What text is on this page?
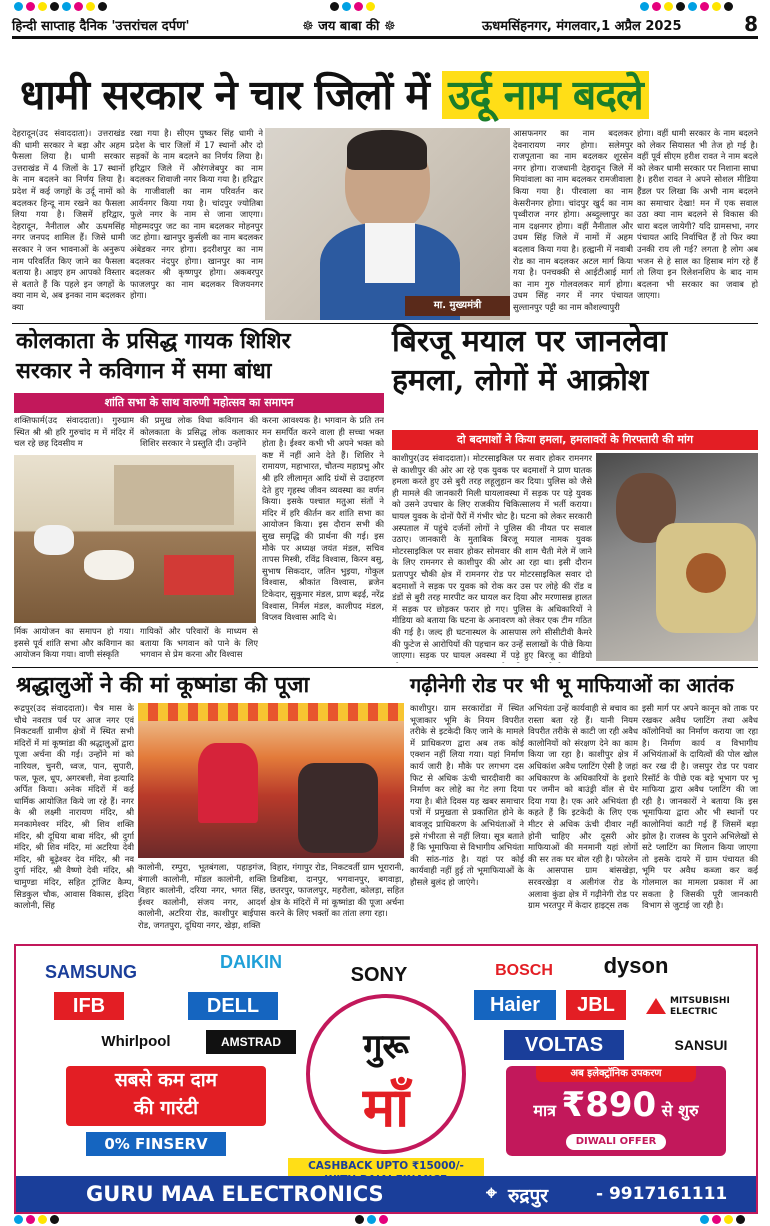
हिन्दी साप्ताह दैनिक 'उत्तरांचल दर्पण'	☸ जय बाबा की ☸	ऊधमसिंहनगर, मंगलवार,1 अप्रैल 2025	8
धामी सरकार ने चार जिलों में उर्दू नाम बदले
देहरादून(उद संवाददाता)। उत्तराखंड की धामी सरकार ने बड़ा और अहम फैसला लिया है। धामी सरकार उत्तराखंड में 4 जिलों के 17 स्थानों के नाम बदलने का निर्णय लिया है। प्रदेश में कई जगहों के उर्दू नामों को बदलकर हिन्दू नाम रखने का फैसला लिया गया है। जिसमें हरिद्वार, देहरादून, नैनीताल और ऊधमसिंह नगर जनपद शामिल हैं। जिसे धामी सरकार ने जन भावनाओं के अनुरूप नाम परिवर्तित किए जाने का फैसला बताया है। आइए हम आपको विस्तार से बताते हैं कि पहले इन जगहों के क्या नाम थे, अब इनका नाम बदलकर क्या
रखा गया है। सीएम पुष्कर सिंह धामी ने प्रदेश के चार जिलों में 17 स्थानों और दो सड़कों के नाम बदलने का निर्णय लिया है। हरिद्वार जिले में औरंगजेबपुर का नाम बदलकर शिवाजी नगर किया गया है। हरिद्वार के गाजीवाली का नाम परिवर्तन कर आर्यनगर किया गया है। चांदपुर ज्योतिबा फुले नगर के नाम से जाना जाएगा। मोहम्मदपुर जट का नाम बदलकर मोहनपुर जट होगा। खानपुर कुर्सली का नाम बदलकर अंबेडकर नगर होगा। इदरीशपुर का नाम बदलकर नंदपुर होगा। खानपुर का नाम बदलकर श्री कृष्णपुर होगा। अकबरपुर फाजलपुर का नाम बदलकर विजयनगर होगा।
मा. मुख्यमंत्री
आसफनगर का नाम बदलकर देवनारायण नगर होगा। सलेमपुर राजपूताना का नाम बदलकर शूरसेन नगर होगा। राजधानी देहरादून जिले में मियांवाला का नाम बदलकर रामजीवाला किया गया है। पीरवाला का नाम केसरीनगर होगा। चांदपुर खुर्द का नाम पृथ्वीराज नगर होगा। अब्दुल्लापुर का नाम दक्षनगर होगा। वहीं नैनीताल और उधम सिंह जिले में नामों में अहम बदलाव किया गया है। हल्द्वानी में नवाबी रोड का नाम बदलकर अटल मार्ग किया गया है। पनचक्की से आईटीआई मार्ग का नाम गुरु गोलवलकर मार्ग होगा। उधम सिंह नगर में नगर पंचायत सुल्तानपुर पट्टी का नाम कौशल्यापुरी
होगा। वहीं धामी सरकार के नाम बदलने को लेकर सियासत भी तेज हो गई है। वहीं पूर्व सीएम हरीश रावत ने नाम बदले को लेकर धामी सरकार पर निशाना साधा है। हरीश रावत ने अपने सोशल मीडिया हैंडल पर लिखा कि अभी नाम बदलने का समाचार देखा! मन में एक सवाल उठा क्या नाम बदलने से विकास की धारा बदल जायेगी? यदि ग्रामसभा, नगर पंचायत आदि निर्वाचित हैं तो फिर क्या उनकी राय ली गई? लगता है लोग अब भजन से हे साल का हिसाब मांग रहे हैं तो लिया इन रिलेशनशिप के बाद नाम बदलना भी सरकार का जवाब हो जाएगा।
कोलकाता के प्रसिद्ध गायक शिशिर
सरकार ने कविगान में समा बांधा
शांति सभा के साथ वारुणी महोत्सव का समापन
शक्तिफार्म(उद संवाददाता)। गुरुग्राम स्थित श्री श्री हरि गुरुचांद म में मंदिर में चल रहे छह दिवसीय म
र्मिक आयोजन का समापन हो गया। इससे पूर्व शांति सभा और कविगान का आयोजन किया गया। वाणी संस्कृति
की प्रमुख लोक विधा कविगान की कोलकाता के प्रसिद्ध लोक कलाकार शिशिर सरकार ने प्रस्तुति दी। उन्होंने
गायिकों और परिवारों के माध्यम से बताया कि भगवान को पाने के लिए भगवान से प्रेम करना और विश्वास
करना आवश्यक है। भगवान के प्रति तन मन समर्पित करने वाला ही सच्चा भक्त होता है। ईश्वर कभी भी अपने भक्त को कष्ट में नहीं आने देते हैं। शिशिर ने रामायण, महाभारत, चौतन्य महाप्रभु और श्री हरि लीलामृत आदि ग्रंथों से उदाहरण देते हुए गृहस्थ जीवन व्यवस्था का वर्णन किया। इसके पश्चात मतुआ संतों ने मंदिर में हरि कीर्तन कर शांति सभा का आयोजन किया। इस दौरान सभी की सुख समृद्धि की प्रार्थना की गई। इस मौके पर अध्यक्ष जयंत मंडल, सचिव तापस मिस्त्री, रविंद्र विश्वास, किरन बसु, सुभाष सिकदार, जतिन भुइया, गोकुल विश्वास, श्रीकांत विश्वास, ब्रजेन टिकेदार, सुकुमार मंडल, प्राण बढ़ई, नरेंद्र विश्वास, निर्मल मंडल, कालीपद मंडल, विप्लव विश्वास आदि थे।
बिरजू मयाल पर जानलेवा
हमला, लोगों में आक्रोश
दो बदमाशों ने किया हमला, हमलावरों के गिरफ्तारी की मांग
काशीपुर(उद संवाददाता)। मोटरसाइकिल पर सवार होकर रामनगर से काशीपुर की ओर आ रहे एक युवक पर बदमाशों ने प्राण घातक हमला करते हुए उसे बुरी तरह लहूलुहान कर दिया। पुलिस को जैसे ही मामले की जानकारी मिली घायलावस्था में सड़क पर पड़े युवक को उसने उपचार के लिए राजकीय चिकित्सालय में भर्ती कराया। घायल युवक के दोनों पैरों में गंभीर चोट है। घटना को लेकर सरकारी अस्पताल में पहुंचे दर्जनों लोगों ने पुलिस की नीयत पर सवाल उठाए। जानकारी के मुताबिक बिरजू मयाल नामक युवक मोटरसाइकिल पर सवार होकर सोमवार की शाम चैती मेले में जाने के लिए रामनगर से काशीपुर की ओर आ रहा था। इसी दौरान प्रतापपुर चौकी क्षेत्र में रामनगर रोड पर मोटरसाइकिल सवार दो बदमाशों ने सड़क पर युवक को रोक कर उस पर लोहे की रॉड व डंडों से बुरी तरह मारपीट कर घायल कर दिया और मरणासन्न हालत में सड़क पर छोड़कर फरार हो गए। पुलिस के अधिकारियों ने मीडिया को बताया कि घटना के अनावरण को लेकर एक टीम गठित की गई है। जल्द ही घटनास्थल के आसपास लगे सीसीटीवी कैमरे की फुटेज से आरोपियों की पहचान कर उन्हें सलाखों के पीछे किया जाएगा। सड़क पर घायल अवस्था में पड़े हुए बिरजू का वीडियो
श्रद्धालुओं ने की मां कूष्मांडा की पूजा
रूद्रपुर(उद संवाददाता)। चैत्र मास के चौथे नवरात्र पर्व पर आज नगर एवं निकटवर्ती ग्रामीण क्षेत्रों में स्थित सभी मंदिरों में मां कूष्मांडा की श्रद्धालुओं द्वारा पूजा अर्चना की गई। उन्होंने मां को नारियल, चुनरी, ध्वज, पान, सुपारी, फल, फूल, धूप, अगरबत्ती, मेवा इत्यादि अर्पित किया। अनेक मंदिरों में कई धार्मिक आयोजित किये जा रहे हैं। नगर के श्री लक्ष्मी नारायण मंदिर, श्री मनकामेश्वर मंदिर, श्री शिव शक्ति मंदिर, श्री दूधिया बाबा मंदिर, श्री दुर्गा मंदिर, श्री शिव मंदिर, मां अटरिया देवी मंदिर, श्री बूढ़ेश्वर देव मंदिर, श्री नव दुर्गा मंदिर, श्री वैष्णो देवी मंदिर, श्री चामुण्डा मंदिर, सहित ट्रांजिट कैम्प, सिडकुल चौक, आवास विकास, इंदिरा कालोनी, सिंह
कालोनी, रम्पुरा, भूतबंगला, पहाड़गंज, बंगाली कालोनी, मॉडल कालोनी, शक्ति विहार कालोनी, दरिया नगर, भगत सिंह, ईश्वर कालोनी, संजय नगर, आदर्श कालोनी, अटरिया रोड, काशीपुर बाईपास रोड, जगतपुरा, दूधिया नगर, खेड़ा, शक्ति
विहार, गंगापुर रोड, निकटवर्ती ग्राम भूरारानी, डिबडिबा, दानपुर, भगवानपुर, बगवाड़ा, छतरपुर, फाजलपुर, महरौला, कोलड़ा, सहित क्षेत्र के मंदिरों में मां कूष्मांडा की पूजा अर्चना करने के लिए भक्तों का तांता लगा रहा।
गढ़ीनेगी रोड पर भी भू माफियाओं का आतंक
काशीपुर। ग्राम सरकारोंडा में स्थित भूजाकार भूमि के नियम विपरीत तरीके से इटकेदी किए जाने के मामले में प्राधिकरण द्वारा अब तक कोई एक्शन नहीं लिया गया। यहां निर्माण कार्य जारी है। मौके पर लगभग दस फिट से अधिक ऊंची चारदीवारी का निर्माण कर लोहे का गेट लगा दिया गया है। बीते दिवस यह खबर समाचार पत्रों में प्रमुखता से प्रकाशित होने के बावजूद प्राधिकरण के अभियंताओं ने इसे गंभीरता से नहीं लिया। सूत्र बताते हैं कि भूमाफिया से विभागीय अभियंता की सांठ-गांठ है। यहां पर कोई कार्यवाही नहीं हुई तो भूमाफियाओं के हौसले बुलंद हो जाएंगे।
अभियंता उन्हें कार्यवाही से बचाव का रास्ता बता रहे हैं। यानी नियम विपरीत तरीके से काटी जा रही अवैध कालोनियों को संरक्षण देने का काम किया जा रहा है। काशीपुर क्षेत्र में अधिकांश अवैध प्लाटिंग ऐसी है जहां अधिकारण के अधिकारियों के इशारे पर जमीन को बाउंड्री वॉल से घेर दिया गया है। एक आरे अभियंता ही कहते हैं कि इटकेदी के लिए एक मीटर से अधिक ऊंची दीवार नहीं होनी चाहिए और दूसरी ओर माफियाओं की मनमानी यहां लोगों की सर तक घर बोल रही है। फोरलेन के आसपास ग्राम बांसखेड़ा, सरवरखेड़ा व अलीगंज रोड के अलावा कुंडा क्षेत्र में गढ़ीनेगी रोड पर ग्राम भरतपुर में केदार हाइट्स तक
इसी मार्ग पर अपने कानून को ताक पर रखकर अवैध प्लाटिंग तथा अवैध कॉलोनियों का निर्माण कराया जा रहा है। निर्माण कार्य व विभागीय अभियंताओं के दायित्वों की पोल खोल कर रख दी है। जसपुर रोड पर पवार रिसॉर्ट के पीछे एक बड़े भूभाग पर भू माफिया द्वारा अवैध प्लाटिंग की जा रही है। जानकारों ने बताया कि इस भूमाफिया द्वारा और भी स्थानों पर कालोनियां काटी गई हैं जिसमें बड़ा झोल है। राजस्व के पुराने अभिलेखों से सटे प्लाटिंग का मिलान किया जाएगा तो इसके दायरे में ग्राम पंचायत की भूमि पर अवैध कब्जा कर कई गोलमाल का मामला प्रकाश में आ सकता है जिसकी पूरी जानकारी विभाग से जुटाई जा रही है।
SAMSUNG	DAIKIN
IFB	DELL
SONY	BOSCH	dyson
Haier	JBL	MITSUBISHI
ELECTRIC
Whirlpool	AMSTRAD	VOLTAS	SANSUI
गुरू
माँ
सबसे कम दाम
की गारंटी
0% FINSERV
CASHBACK UPTO ₹15000/-
अब इलेक्ट्रॉनिक उपकरण
मात्र ₹890 से शुरु
DIWALI OFFER
GURU MAA ELECTRONICS	⌖ रुद्रपुर	- 9917161111
